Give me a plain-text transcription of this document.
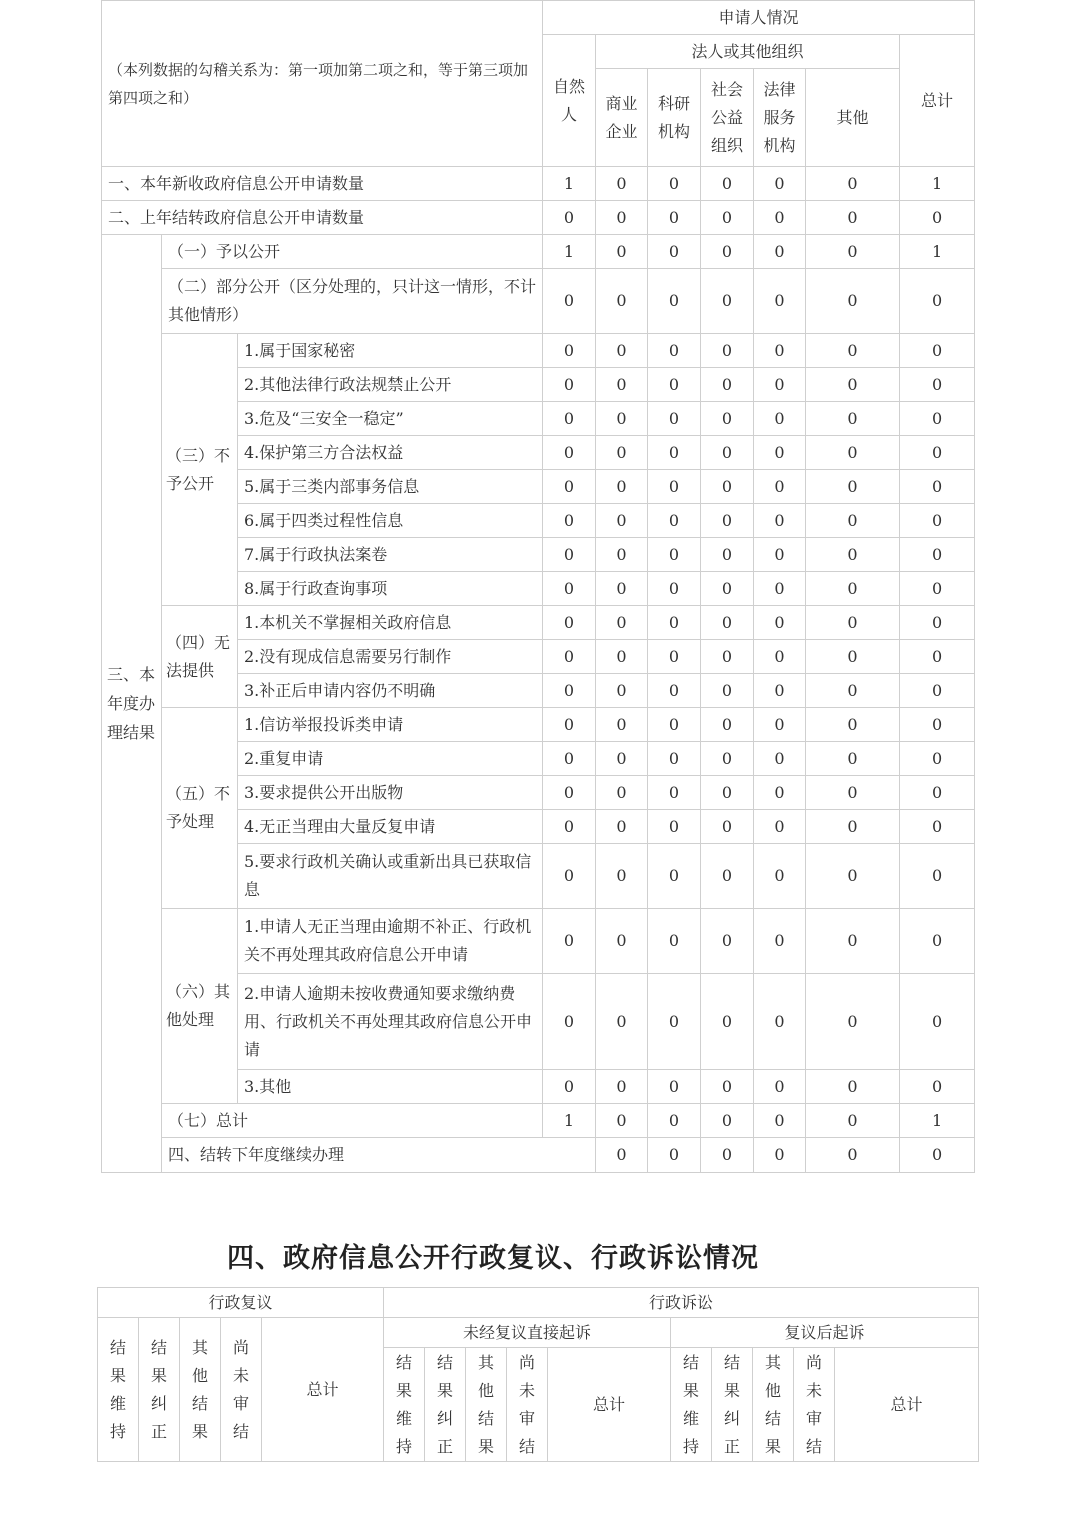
（本列数据的勾稽关系为：第一项加第二项之和，等于第三项加第四项之和）			申请人情况							

			自然人	法人或其他组织					总计	

				商业企业	科研机构	社会公益组织	法律服务机构	其他		
一、本年新收政府信息公开申请数量			1	0	0	0	0	0	1	
二、上年结转政府信息公开申请数量			0	0	0	0	0	0	0	
三、本年度办理结果	（一）予以公开		1	0	0	0	0	0	1	
	（二）部分公开（区分处理的，只计这一情形，不计其他情形）		0	0	0	0	0	0	0	
	（三）不予公开	1.属于国家秘密	0	0	0	0	0	0	0	
		2.其他法律行政法规禁止公开	0	0	0	0	0	0	0	
		3.危及“三安全一稳定”	0	0	0	0	0	0	0	
		4.保护第三方合法权益	0	0	0	0	0	0	0	
		5.属于三类内部事务信息	0	0	0	0	0	0	0	
		6.属于四类过程性信息	0	0	0	0	0	0	0	
		7.属于行政执法案卷	0	0	0	0	0	0	0	
		8.属于行政查询事项	0	0	0	0	0	0	0	
	（四）无法提供	1.本机关不掌握相关政府信息	0	0	0	0	0	0	0	
		2.没有现成信息需要另行制作	0	0	0	0	0	0	0	
		3.补正后申请内容仍不明确	0	0	0	0	0	0	0	
	（五）不予处理	1.信访举报投诉类申请	0	0	0	0	0	0	0	
		2.重复申请	0	0	0	0	0	0	0	
		3.要求提供公开出版物	0	0	0	0	0	0	0	
		4.无正当理由大量反复申请	0	0	0	0	0	0	0	
		5.要求行政机关确认或重新出具已获取信息	0	0	0	0	0	0	0	
	（六）其他处理	1.申请人无正当理由逾期不补正、行政机关不再处理其政府信息公开申请	0	0	0	0	0	0	0	
		2.申请人逾期未按收费通知要求缴纳费用、行政机关不再处理其政府信息公开申请	0	0	0	0	0	0	0	
		3.其他	0	0	0	0	0	0	0	
	（七）总计		1	0	0	0	0	0	1	
	四、结转下年度继续办理			0	0	0	0	0	0	
四、政府信息公开行政复议、行政诉讼情况
行政复议					行政诉讼									

结果维持	结果纠正	其他结果	尚未审结	总计	未经复议直接起诉					复议后起诉				

					结果维持	结果纠正	其他结果	尚未审结	总计	结果维持	结果纠正	其他结果	尚未审结	总计
